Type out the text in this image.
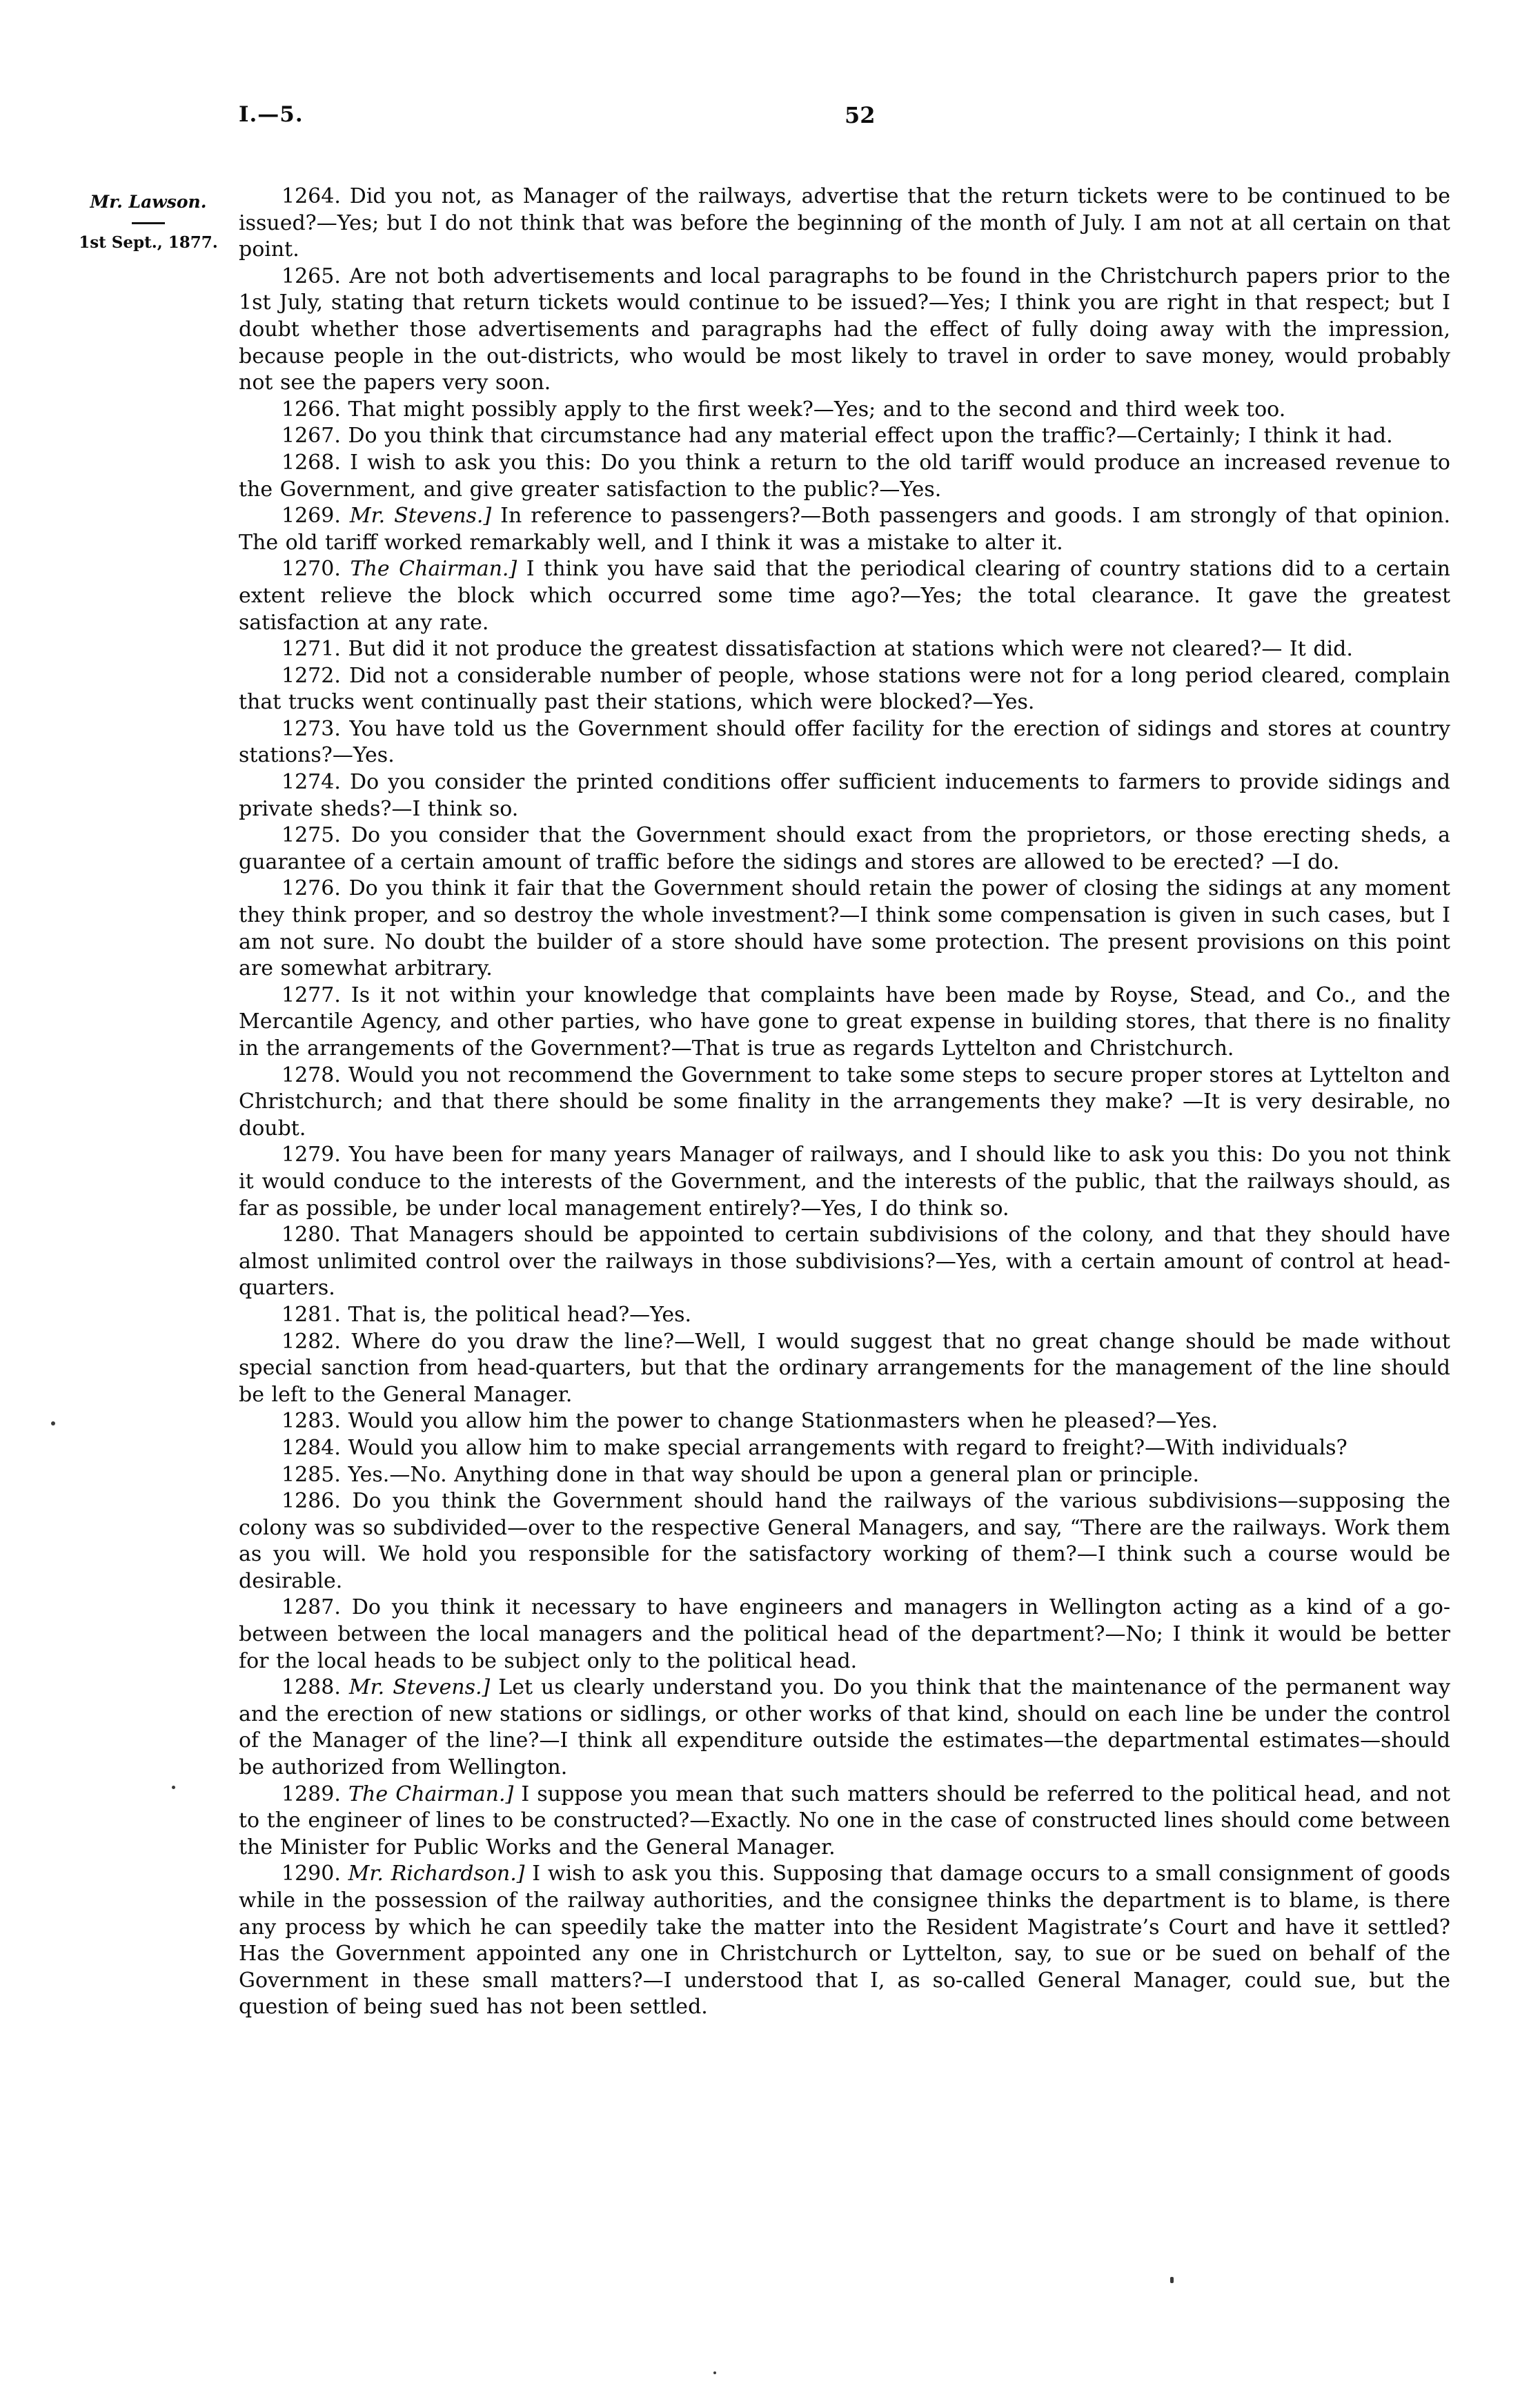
I.—5.	52
Mr. Lawson.
1st Sept., 1877.

1264. Did you not, as Manager of the railways, advertise that the return tickets were to be continued to be issued?—Yes; but I do not think that was before the beginning of the month of July. I am not at all certain on that point.

1265. Are not both advertisements and local paragraphs to be found in the Christchurch papers prior to the 1st July, stating that return tickets would continue to be issued?—Yes; I think you are right in that respect; but I doubt whether those advertisements and paragraphs had the effect of fully doing away with the impression, because people in the out-districts, who would be most likely to travel in order to save money, would probably not see the papers very soon.

1266. That might possibly apply to the first week?—Yes; and to the second and third week too.

1267. Do you think that circumstance had any material effect upon the traffic?—Certainly; I think it had.

1268. I wish to ask you this: Do you think a return to the old tariff would produce an increased revenue to the Government, and give greater satisfaction to the public?—Yes.

1269. Mr. Stevens.] In reference to passengers?—Both passengers and goods. I am strongly of that opinion. The old tariff worked remarkably well, and I think it was a mistake to alter it.

1270. The Chairman.] I think you have said that the periodical clearing of country stations did to a certain extent relieve the block which occurred some time ago?—Yes; the total clearance. It gave the greatest satisfaction at any rate.

1271. But did it not produce the greatest dissatisfaction at stations which were not cleared?— It did.

1272. Did not a considerable number of people, whose stations were not for a long period cleared, complain that trucks went continually past their stations, which were blocked?—Yes.

1273. You have told us the Government should offer facility for the erection of sidings and stores at country stations?—Yes.

1274. Do you consider the printed conditions offer sufficient inducements to farmers to provide sidings and private sheds?—I think so.

1275. Do you consider that the Government should exact from the proprietors, or those erecting sheds, a guarantee of a certain amount of traffic before the sidings and stores are allowed to be erected? —I do.

1276. Do you think it fair that the Government should retain the power of closing the sidings at any moment they think proper, and so destroy the whole investment?—I think some compensation is given in such cases, but I am not sure. No doubt the builder of a store should have some protection. The present provisions on this point are somewhat arbitrary.

1277. Is it not within your knowledge that complaints have been made by Royse, Stead, and Co., and the Mercantile Agency, and other parties, who have gone to great expense in building stores, that there is no finality in the arrangements of the Government?—That is true as regards Lyttelton and Christchurch.

1278. Would you not recommend the Government to take some steps to secure proper stores at Lyttelton and Christchurch; and that there should be some finality in the arrangements they make? —It is very desirable, no doubt.

1279. You have been for many years Manager of railways, and I should like to ask you this: Do you not think it would conduce to the interests of the Government, and the interests of the public, that the railways should, as far as possible, be under local management entirely?—Yes, I do think so.

1280. That Managers should be appointed to certain subdivisions of the colony, and that they should have almost unlimited control over the railways in those subdivisions?—Yes, with a certain amount of control at head-quarters.

1281. That is, the political head?—Yes.

1282. Where do you draw the line?—Well, I would suggest that no great change should be made without special sanction from head-quarters, but that the ordinary arrangements for the management of the line should be left to the General Manager.

1283. Would you allow him the power to change Stationmasters when he pleased?—Yes.

1284. Would you allow him to make special arrangements with regard to freight?—With individuals?

1285. Yes.—No. Anything done in that way should be upon a general plan or principle.

1286. Do you think the Government should hand the railways of the various subdivisions—supposing the colony was so subdivided—over to the respective General Managers, and say, “There are the railways. Work them as you will. We hold you responsible for the satisfactory working of them?—I think such a course would be desirable.

1287. Do you think it necessary to have engineers and managers in Wellington acting as a kind of a go-between between the local managers and the political head of the department?—No; I think it would be better for the local heads to be subject only to the political head.

1288. Mr. Stevens.] Let us clearly understand you. Do you think that the maintenance of the permanent way and the erection of new stations or sidlings, or other works of that kind, should on each line be under the control of the Manager of the line?—I think all expenditure outside the estimates—the departmental estimates—should be authorized from Wellington.

1289. The Chairman.] I suppose you mean that such matters should be referred to the political head, and not to the engineer of lines to be constructed?—Exactly. No one in the case of constructed lines should come between the Minister for Public Works and the General Manager.

1290. Mr. Richardson.] I wish to ask you this. Supposing that damage occurs to a small consignment of goods while in the possession of the railway authorities, and the consignee thinks the department is to blame, is there any process by which he can speedily take the matter into the Resident Magistrate’s Court and have it settled? Has the Government appointed any one in Christchurch or Lyttelton, say, to sue or be sued on behalf of the Government in these small matters?—I understood that I, as so-called General Manager, could sue, but the question of being sued has not been settled.
